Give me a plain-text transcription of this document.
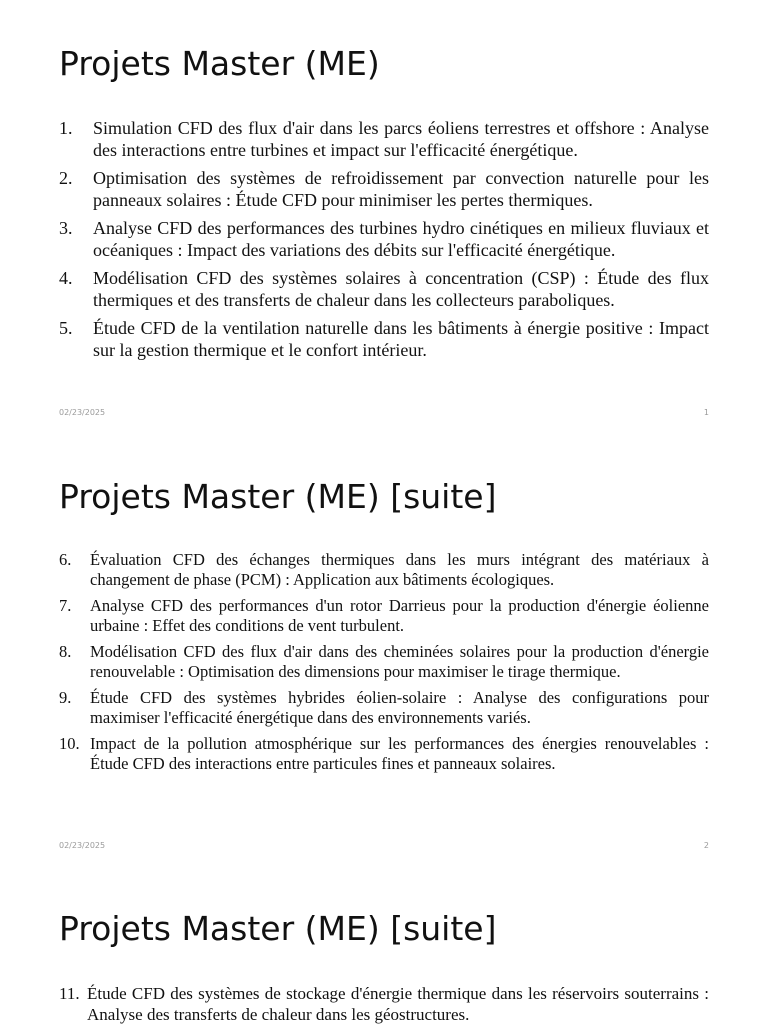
Projets Master (ME)
1. Simulation CFD des flux d'air dans les parcs éoliens terrestres et offshore : Analyse des interactions entre turbines et impact sur l'efficacité énergétique.
2. Optimisation des systèmes de refroidissement par convection naturelle pour les panneaux solaires : Étude CFD pour minimiser les pertes thermiques.
3. Analyse CFD des performances des turbines hydro cinétiques en milieux fluviaux et océaniques : Impact des variations des débits sur l'efficacité énergétique.
4. Modélisation CFD des systèmes solaires à concentration (CSP) : Étude des flux thermiques et des transferts de chaleur dans les collecteurs paraboliques.
5. Étude CFD de la ventilation naturelle dans les bâtiments à énergie positive : Impact sur la gestion thermique et le confort intérieur.
02/23/2025	1
Projets Master (ME) [suite]
6. Évaluation CFD des échanges thermiques dans les murs intégrant des matériaux à changement de phase (PCM) : Application aux bâtiments écologiques.
7. Analyse CFD des performances d'un rotor Darrieus pour la production d'énergie éolienne urbaine : Effet des conditions de vent turbulent.
8. Modélisation CFD des flux d'air dans des cheminées solaires pour la production d'énergie renouvelable : Optimisation des dimensions pour maximiser le tirage thermique.
9. Étude CFD des systèmes hybrides éolien-solaire : Analyse des configurations pour maximiser l'efficacité énergétique dans des environnements variés.
10. Impact de la pollution atmosphérique sur les performances des énergies renouvelables : Étude CFD des interactions entre particules fines et panneaux solaires.
02/23/2025	2
Projets Master (ME) [suite]
11. Étude CFD des systèmes de stockage d'énergie thermique dans les réservoirs souterrains : Analyse des transferts de chaleur dans les géostructures.
